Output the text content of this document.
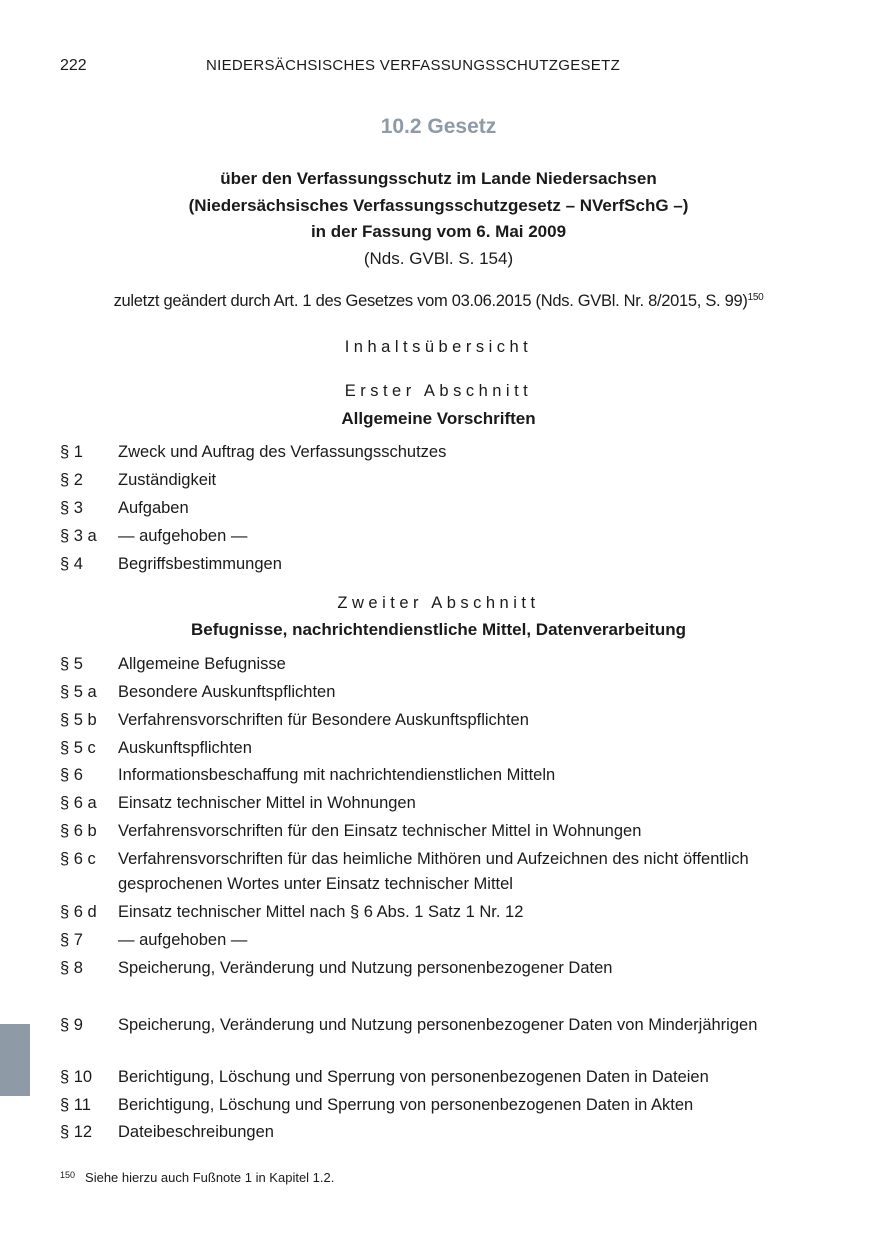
222	NIEDERSÄCHSISCHES VERFASSUNGSSCHUTZGESETZ
10.2 Gesetz
über den Verfassungsschutz im Lande Niedersachsen
(Niedersächsisches Verfassungsschutzgesetz – NVerfSchG –)
in der Fassung vom 6. Mai 2009
(Nds. GVBl. S. 154)
zuletzt geändert durch Art. 1 des Gesetzes vom 03.06.2015 (Nds. GVBl. Nr. 8/2015, S. 99)$^{150}$
Inhaltsübersicht
Erster Abschnitt
Allgemeine Vorschriften
§ 1	Zweck und Auftrag des Verfassungsschutzes
§ 2	Zuständigkeit
§ 3	Aufgaben
§ 3 a	— aufgehoben —
§ 4	Begriffsbestimmungen
Zweiter Abschnitt
Befugnisse, nachrichtendienstliche Mittel, Datenverarbeitung
§ 5	Allgemeine Befugnisse
§ 5 a	Besondere Auskunftspflichten
§ 5 b	Verfahrensvorschriften für Besondere Auskunftspflichten
§ 5 c	Auskunftspflichten
§ 6	Informationsbeschaffung mit nachrichtendienstlichen Mitteln
§ 6 a	Einsatz technischer Mittel in Wohnungen
§ 6 b	Verfahrensvorschriften für den Einsatz technischer Mittel in Wohnungen
§ 6 c	Verfahrensvorschriften für das heimliche Mithören und Aufzeichnen des nicht öffentlich gesprochenen Wortes unter Einsatz technischer Mittel
§ 6 d	Einsatz technischer Mittel nach § 6 Abs. 1 Satz 1 Nr. 12
§ 7	— aufgehoben —
§ 8	Speicherung, Veränderung und Nutzung personenbezogener Daten
§ 9	Speicherung, Veränderung und Nutzung personenbezogener Daten von Minderjährigen
§ 10	Berichtigung, Löschung und Sperrung von personenbezogenen Daten in Dateien
§ 11	Berichtigung, Löschung und Sperrung von personenbezogenen Daten in Akten
§ 12	Dateibeschreibungen
$^{150}$ Siehe hierzu auch Fußnote 1 in Kapitel 1.2.
